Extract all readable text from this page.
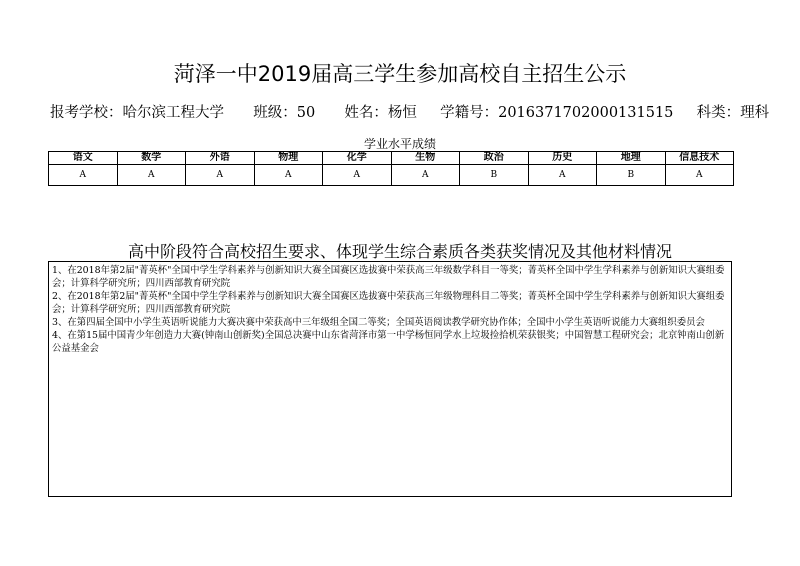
菏泽一中2019届高三学生参加高校自主招生公示
报考学校：哈尔滨工程大学 班级：50 姓名：杨恒 学籍号：2016371702000131515 科类：理科
学业水平成绩
语文	数学	外语	物理	化学	生物	政治	历史	地理	信息技术
A	A	A	A	A	A	B	A	B	A
高中阶段符合高校招生要求、体现学生综合素质各类获奖情况及其他材料情况

1、在2018年第2届"菁英杯"全国中学生学科素养与创新知识大赛全国赛区选拔赛中荣获高三年级数学科目一等奖；菁英杯全国中学生学科素养与创新知识大赛组委会；计算科学研究所；四川西部教育研究院

2、在2018年第2届"菁英杯"全国中学生学科素养与创新知识大赛全国赛区选拔赛中荣获高三年级物理科目二等奖；菁英杯全国中学生学科素养与创新知识大赛组委会；计算科学研究所；四川西部教育研究院

3、在第四届全国中小学生英语听说能力大赛决赛中荣获高中三年级组全国二等奖；全国英语阅读教学研究协作体；全国中小学生英语听说能力大赛组织委员会

4、在第15届中国青少年创造力大赛(钟南山创新奖)全国总决赛中山东省菏泽市第一中学杨恒同学水上垃圾捡拾机荣获银奖；中国智慧工程研究会；北京钟南山创新公益基金会
